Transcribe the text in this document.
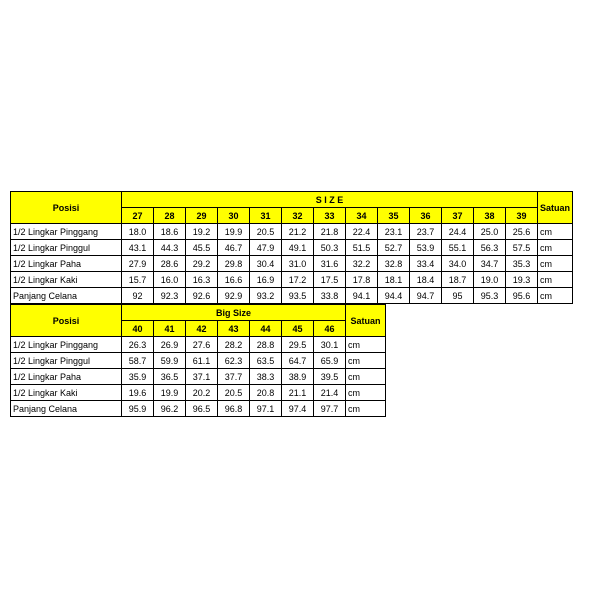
Posisi	S I Z E													Satuan
	27	28	29	30	31	32	33	34	35	36	37	38	39	
1/2 Lingkar Pinggang	18.0	18.6	19.2	19.9	20.5	21.2	21.8	22.4	23.1	23.7	24.4	25.0	25.6	cm
1/2 Lingkar Pinggul	43.1	44.3	45.5	46.7	47.9	49.1	50.3	51.5	52.7	53.9	55.1	56.3	57.5	cm
1/2 Lingkar Paha	27.9	28.6	29.2	29.8	30.4	31.0	31.6	32.2	32.8	33.4	34.0	34.7	35.3	cm
1/2 Lingkar Kaki	15.7	16.0	16.3	16.6	16.9	17.2	17.5	17.8	18.1	18.4	18.7	19.0	19.3	cm
Panjang Celana	92	92.3	92.6	92.9	93.2	93.5	33.8	94.1	94.4	94.7	95	95.3	95.6	cm
Posisi	Big Size							Satuan
	40	41	42	43	44	45	46	
1/2 Lingkar Pinggang	26.3	26.9	27.6	28.2	28.8	29.5	30.1	cm
1/2 Lingkar Pinggul	58.7	59.9	61.1	62.3	63.5	64.7	65.9	cm
1/2 Lingkar Paha	35.9	36.5	37.1	37.7	38.3	38.9	39.5	cm
1/2 Lingkar Kaki	19.6	19.9	20.2	20.5	20.8	21.1	21.4	cm
Panjang Celana	95.9	96.2	96.5	96.8	97.1	97.4	97.7	cm
